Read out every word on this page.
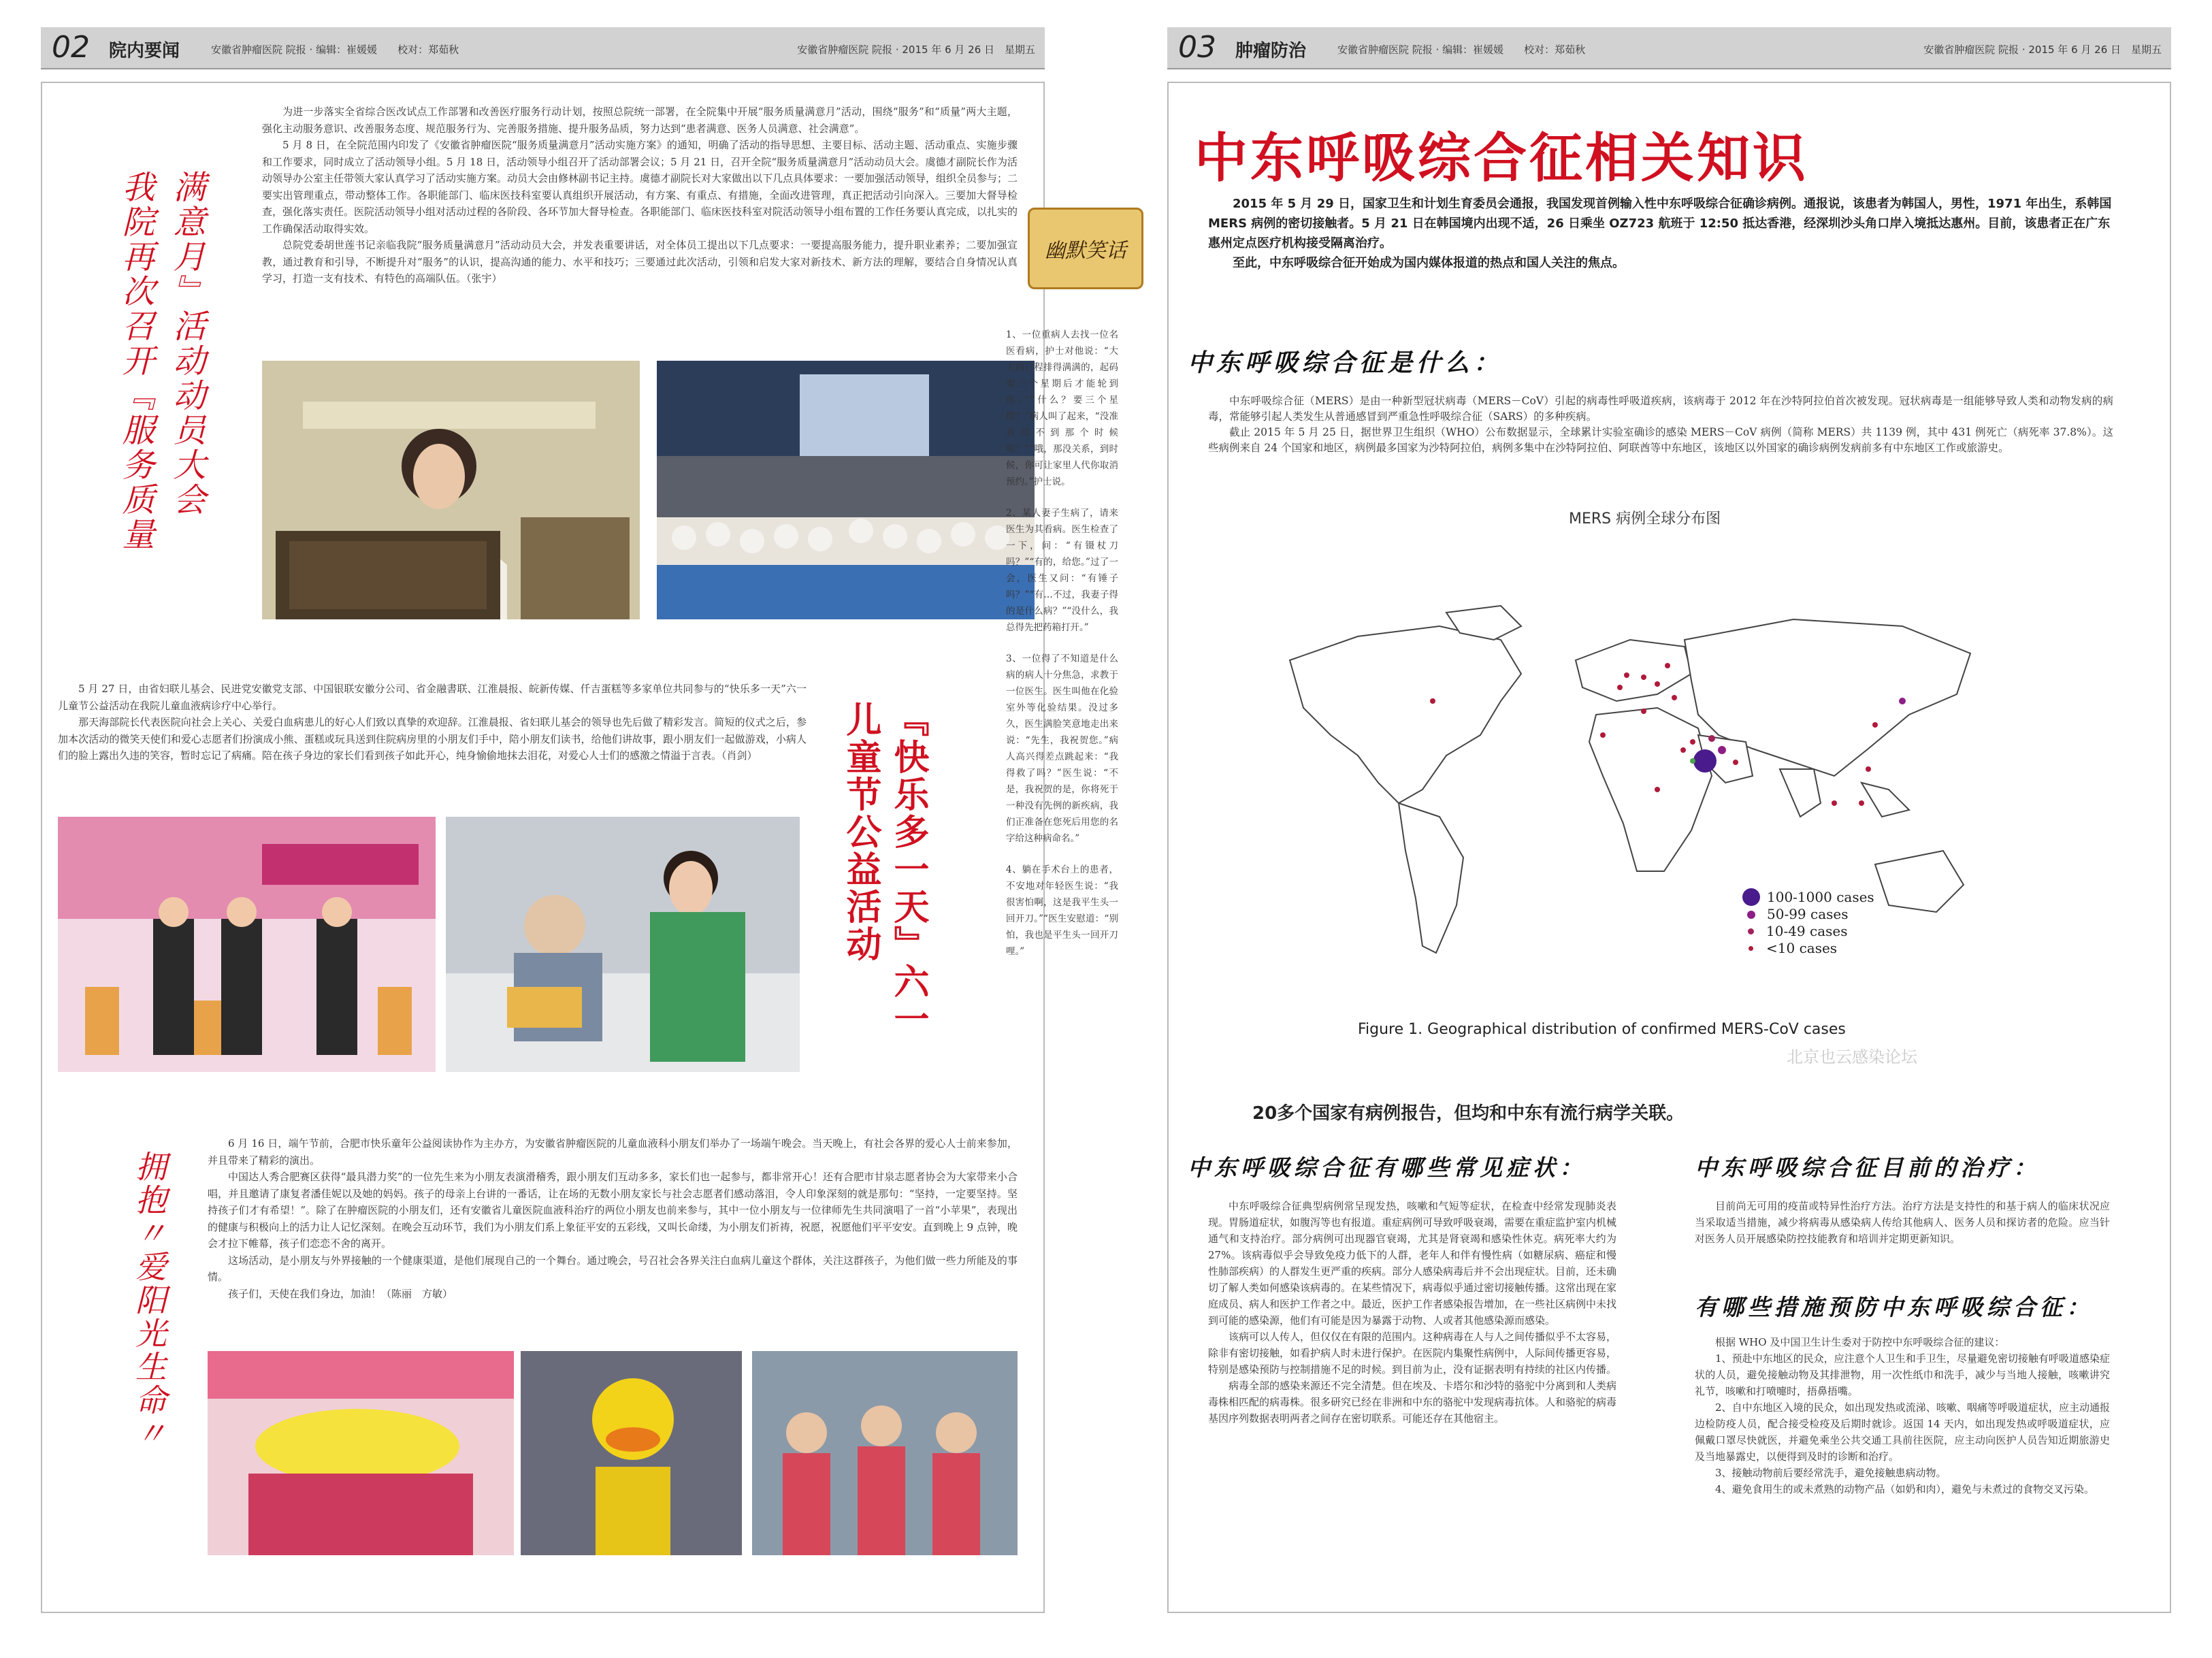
02 院内要闻	安徽省肿瘤医院 院报 · 编辑：崔媛媛　　校对：郑茹秋	安徽省肿瘤医院 院报 · 2015 年 6 月 26 日　星期五
我院再次召开『服务质量 满意月』活动动员大会

为进一步落实全省综合医改试点工作部署和改善医疗服务行动计划，按照总院统一部署，在全院集中开展“服务质量满意月”活动，围绕“服务”和“质量”两大主题，强化主动服务意识、改善服务态度、规范服务行为、完善服务措施、提升服务品质，努力达到“患者满意、医务人员满意、社会满意”。

5 月 8 日，在全院范围内印发了《安徽省肿瘤医院“服务质量满意月”活动实施方案》的通知，明确了活动的指导思想、主要目标、活动主题、活动重点、实施步骤和工作要求，同时成立了活动领导小组。5 月 18 日，活动领导小组召开了活动部署会议；5 月 21 日，召开全院“服务质量满意月”活动动员大会。虞德才副院长作为活动领导办公室主任带领大家认真学习了活动实施方案。动员大会由修林副书记主持。虞德才副院长对大家做出以下几点具体要求：一要加强活动领导，组织全员参与；二要实出管理重点，带动整体工作。各职能部门、临床医技科室要认真组织开展活动，有方案、有重点、有措施，全面改进管理，真正把活动引向深入。三要加大督导检查，强化落实责任。医院活动领导小组对活动过程的各阶段、各环节加大督导检查。各职能部门、临床医技科室对院活动领导小组布置的工作任务要认真完成，以扎实的工作确保活动取得实效。

总院党委胡世莲书记亲临我院“服务质量满意月”活动动员大会，并发表重要讲话，对全体员工提出以下几点要求：一要提高服务能力，提升职业素养；二要加强宣教，通过教育和引导，不断提升对“服务”的认识，提高沟通的能力、水平和技巧；三要通过此次活动，引领和启发大家对新技术、新方法的理解，要结合自身情况认真学习，打造一支有技术、有特色的高端队伍。（张宇）

5 月 27 日，由省妇联儿基会、民进党安徽党支部、中国银联安徽分公司、省金融書联、江淮晨报、皖新传媒、仟吉蛋糕等多家单位共同参与的“快乐多一天”六一儿童节公益活动在我院儿童血液病诊疗中心举行。

那天海部院长代表医院向社会上关心、关爱白血病患儿的好心人们致以真挚的欢迎辞。江淮晨报、省妇联儿基会的领导也先后做了精彩发言。简短的仪式之后，参加本次活动的微笑天使们和爱心志愿者们扮演成小熊、蛋糕或玩具送到住院病房里的小朋友们手中，陪小朋友们读书，给他们讲故事，跟小朋友们一起做游戏，小病人们的脸上露出久违的笑容，暂时忘记了病痛。陪在孩子身边的家长们看到孩子如此开心，纯身愉偷地抹去泪花，对爱心人士们的感激之情溢于言表。（肖剑）	『快乐多一天』六一
儿童节公益活动
拥抱〃爱阳光生命〃

6 月 16 日，端午节前，合肥市快乐童年公益阅读协作为主办方，为安徽省肿瘤医院的儿童血液科小朋友们举办了一场端午晚会。当天晚上，有社会各界的爱心人士前来参加，并且带来了精彩的演出。

中国达人秀合肥赛区获得“最具潜力奖”的一位先生来为小朋友表演滑稽秀，跟小朋友们互动多多，家长们也一起参与，都非常开心！还有合肥市甘泉志愿者协会为大家带来小合唱，并且邀请了康复者潘佳妮以及她的妈妈。孩子的母亲上台讲的一番话，让在场的无数小朋友家长与社会志愿者们感动落泪，令人印象深刻的就是那句：“坚持，一定要坚持。坚持孩子们才有希望！”。除了在肿瘤医院的小朋友们，还有安徽省儿童医院血液科治疗的两位小朋友也前来参与，其中一位小朋友与一位律师先生共同演唱了一首“小苹果”，表现出的健康与积极向上的活力让人记忆深刻。在晚会互动环节，我们为小朋友们系上象征平安的五彩线，又叫长命缕，为小朋友们祈祷，祝愿，祝愿他们平平安安。直到晚上 9 点钟，晚会才拉下帷幕，孩子们恋恋不舍的离开。

这场活动，是小朋友与外界接触的一个健康渠道，是他们展现自己的一个舞台。通过晚会，号召社会各界关注白血病儿童这个群体，关注这群孩子，为他们做一些力所能及的事情。

孩子们，天使在我们身边，加油！（陈丽　方敏）

幽默笑话

1、一位重病人去找一位名医看病，护士对他说：“大夫的日程排得满满的，起码要三个星期后才能轮到你。”“什么？要三个星期？”病人叫了起来，“没准我活不到那个时候呢！”“哦，那没关系，到时候，你可让家里人代你取消预约。”护士说。

2、某人妻子生病了，请来医生为其看病。医生检查了一下，问：“有镊杖刀吗？”“有的，给您。”过了一会，医生又问：“有锤子吗？”“有…不过，我妻子得的是什么病？”“没什么，我总得先把药箱打开。”

3、一位得了不知道是什么病的病人十分焦急，求教于一位医生。医生叫他在化验室外等化验结果。没过多久，医生满脸笑意地走出来说：“先生，我祝贺您。”病人高兴得差点跳起来：“我得救了吗？”医生说：“不是，我祝贺的是，你将死于一种没有先例的新疾病，我们正准备在您死后用您的名字给这种病命名。”

4、躺在手术台上的患者，不安地对年轻医生说：“我很害怕啊，这是我平生头一回开刀。”“医生安慰道：“别怕，我也是平生头一回开刀哩。”

03 肿瘤防治	安徽省肿瘤医院 院报 · 编辑：崔媛媛　　校对：郑茹秋	安徽省肿瘤医院 院报 · 2015 年 6 月 26 日　星期五
中东呼吸综合征相关知识

2015 年 5 月 29 日，国家卫生和计划生育委员会通报，我国发现首例输入性中东呼吸综合征确诊病例。通报说，该患者为韩国人，男性，1971 年出生，系韩国 MERS 病例的密切接触者。5 月 21 日在韩国境内出现不适，26 日乘坐 OZ723 航班于 12:50 抵达香港，经深圳沙头角口岸入境抵达惠州。目前，该患者正在广东惠州定点医疗机构接受隔离治疗。

至此，中东呼吸综合征开始成为国内媒体报道的热点和国人关注的焦点。

中东呼吸综合征是什么：

中东呼吸综合征（MERS）是由一种新型冠状病毒（MERS－CoV）引起的病毒性呼吸道疾病，该病毒于 2012 年在沙特阿拉伯首次被发现。冠状病毒是一组能够导致人类和动物发病的病毒，常能够引起人类发生从普通感冒到严重急性呼吸综合征（SARS）的多种疾病。

截止 2015 年 5 月 25 日，据世界卫生组织（WHO）公布数据显示，全球累计实验室确诊的感染 MERS－CoV 病例（简称 MERS）共 1139 例，其中 431 例死亡（病死率 37.8%）。这些病例来自 24 个国家和地区，病例最多国家为沙特阿拉伯，病例多集中在沙特阿拉伯、阿联酋等中东地区，该地区以外国家的确诊病例发病前多有中东地区工作或旅游史。

MERS 病例全球分布图
100-1000 cases
50-99 cases
10-49 cases
<10 cases
Figure 1. Geographical distribution of confirmed MERS-CoV cases
北京也云感染论坛
20多个国家有病例报告，但均和中东有流行病学关联。
中东呼吸综合征有哪些常见症状：

中东呼吸综合征典型病例常呈现发热，咳嗽和气短等症状，在检查中经常发现肺炎表现。胃肠道症状，如腹泻等也有报道。重症病例可导致呼吸衰竭，需要在重症监护室内机械通气和支持治疗。部分病例可出现器官衰竭，尤其是肾衰竭和感染性休克。病死率大约为 27%。该病毒似乎会导致免疫力低下的人群，老年人和伴有慢性病（如糖尿病、癌症和慢性肺部疾病）的人群发生更严重的疾病。部分人感染病毒后并不会出现症状。目前，还未确切了解人类如何感染该病毒的。在某些情况下，病毒似乎通过密切接触传播。这常出现在家庭成员、病人和医护工作者之中。最近，医护工作者感染报告增加，在一些社区病例中未找到可能的感染源，他们有可能是因为暴露于动物、人或者其他感染源而感染。

该病可以人传人，但仅仅在有限的范围内。这种病毒在人与人之间传播似乎不太容易，除非有密切接触，如看护病人时未进行保护。在医院内集聚性病例中，人际间传播更容易，特别是感染预防与控制措施不足的时候。到目前为止，没有证据表明有持续的社区内传播。

病毒全部的感染来源还不完全清楚。但在埃及、卡塔尔和沙特的骆驼中分离到和人类病毒株相匹配的病毒株。很多研究已经在非洲和中东的骆驼中发现病毒抗体。人和骆驼的病毒基因序列数据表明两者之间存在密切联系。可能还存在其他宿主。

中东呼吸综合征目前的治疗：

目前尚无可用的疫苗或特异性治疗方法。治疗方法是支持性的和基于病人的临床状况应当采取适当措施，减少将病毒从感染病人传给其他病人、医务人员和探访者的危险。应当针对医务人员开展感染防控技能教育和培训并定期更新知识。

有哪些措施预防中东呼吸综合征：

根据 WHO 及中国卫生计生委对于防控中东呼吸综合征的建议：

1、预赴中东地区的民众，应注意个人卫生和手卫生，尽量避免密切接触有呼吸道感染症状的人员，避免接触动物及其排泄物，用一次性纸巾和洗手，减少与当地人接触，咳嗽讲究礼节，咳嗽和打喷嚏时，捂鼻捂嘴。

2、自中东地区入境的民众，如出现发热或流涕、咳嗽、咽痛等呼吸道症状，应主动通报边检防疫人员，配合接受检疫及后期时就诊。返国 14 天内，如出现发热或呼吸道症状，应佩戴口罩尽快就医，并避免乘坐公共交通工具前往医院，应主动向医护人员告知近期旅游史及当地暴露史，以便得到及时的诊断和治疗。

3、接触动物前后要经常洗手，避免接触患病动物。

4、避免食用生的或未煮熟的动物产品（如奶和肉），避免与未煮过的食物交叉污染。
